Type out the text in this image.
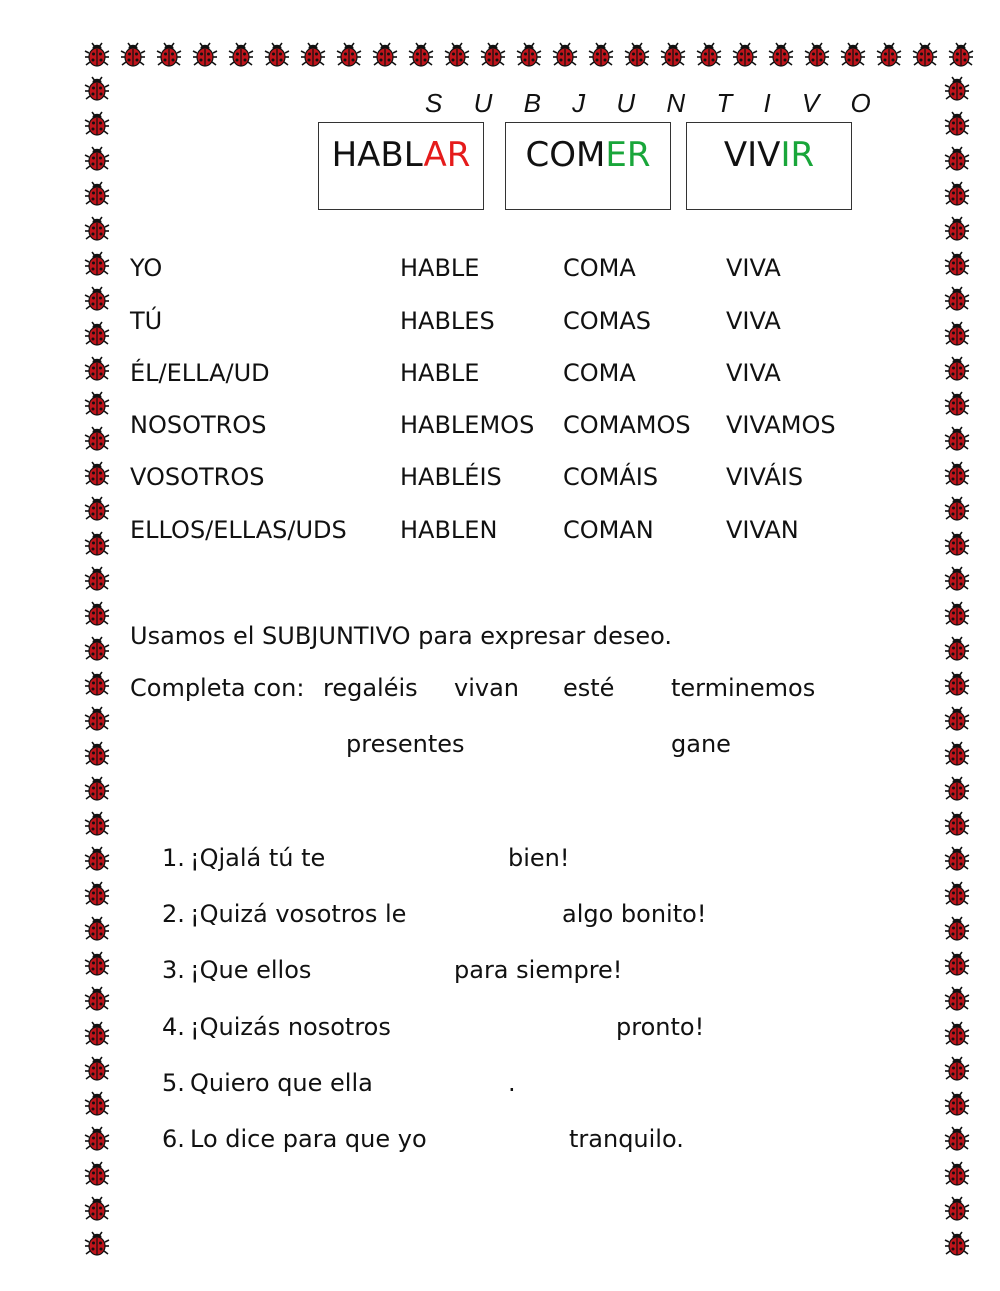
S U B J U N T I V O
HABLAR	COMER	VIVIR
YO	HABLE	COMA	VIVA
TÚ	HABLES	COMAS	VIVA
ÉL/ELLA/UD	HABLE	COMA	VIVA
NOSOTROS	HABLEMOS COMAMOS VIVAMOS
VOSOTROS	HABLÉIS	COMÁIS	VIVÁIS
ELLOS/ELLAS/UDS HABLEN	COMAN	VIVAN
Usamos el SUBJUNTIVO para expresar deseo.
Completa con: regaléis vivan esté terminemos
presentes	gane
1. ¡Qjalá tú te	bien!
2. ¡Quizá vosotros le	algo bonito!
3. ¡Que ellos	para siempre!
4. ¡Quizás nosotros	pronto!
5. Quiero que ella	.
6. Lo dice para que yo	tranquilo.
